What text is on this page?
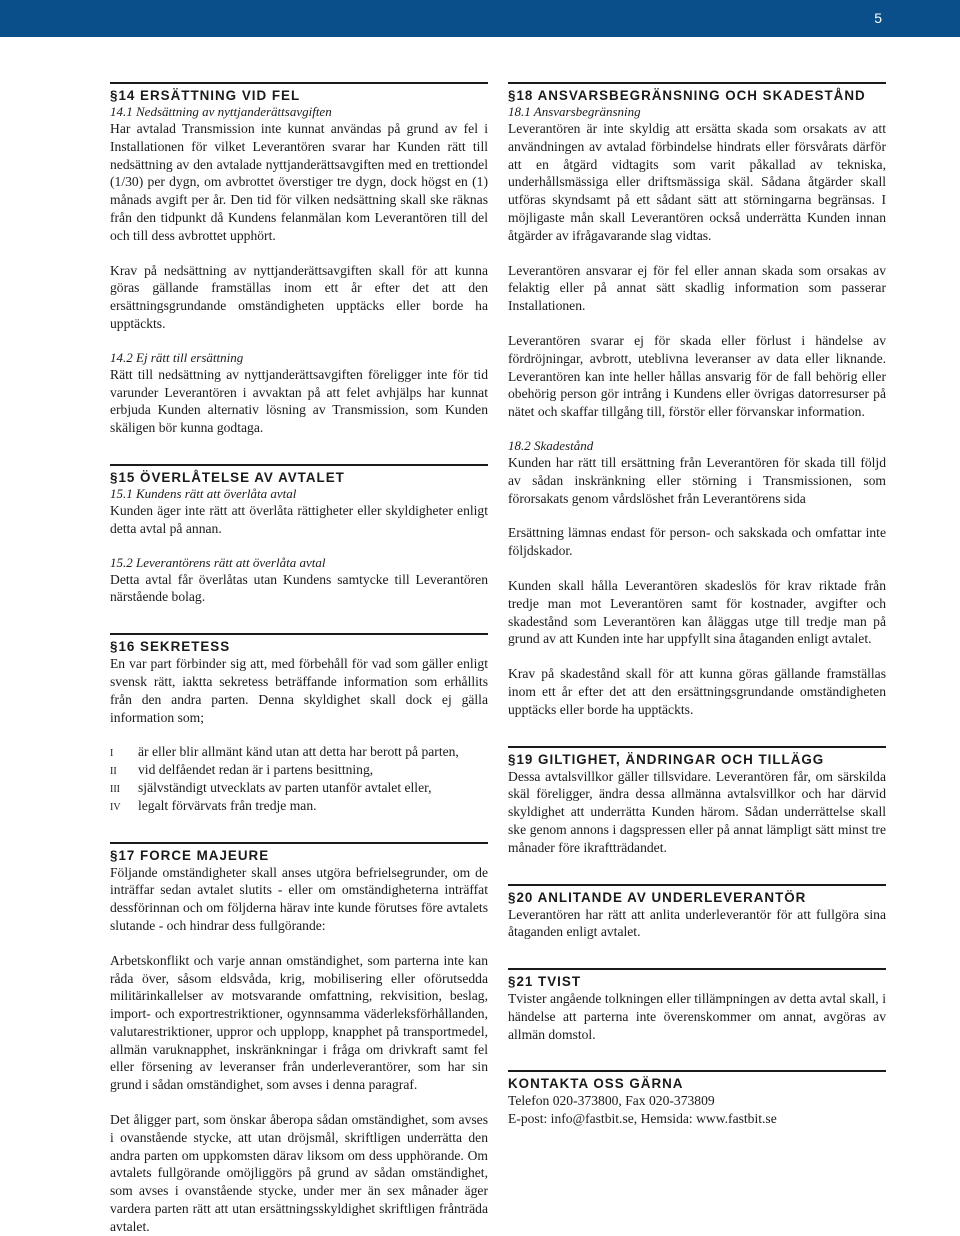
5
§14 ERSÄTTNING VID FEL
14.1 Nedsättning av nyttjanderättsavgiften

Har avtalad Transmission inte kunnat användas på grund av fel i Installationen för vilket Leverantören svarar har Kunden rätt till nedsättning av den avtalade nyttjanderättsavgiften med en trettiondel (1/30) per dygn, om avbrottet överstiger tre dygn, dock högst en (1) månads avgift per år. Den tid för vilken nedsättning skall ske räknas från den tidpunkt då Kundens felanmälan kom Leverantören till del och till dess avbrottet upphört.

Krav på nedsättning av nyttjanderättsavgiften skall för att kunna göras gällande framställas inom ett år efter det att den ersättningsgrundande omständigheten upptäcks eller borde ha upptäckts.

14.2 Ej rätt till ersättning

Rätt till nedsättning av nyttjanderättsavgiften föreligger inte för tid varunder Leverantören i avvaktan på att felet avhjälps har kunnat erbjuda Kunden alternativ lösning av Transmission, som Kunden skäligen bör kunna godtaga.

§15 ÖVERLÅTELSE AV AVTALET
15.1 Kundens rätt att överlåta avtal

Kunden äger inte rätt att överlåta rättigheter eller skyldigheter enligt detta avtal på annan.

15.2 Leverantörens rätt att överlåta avtal

Detta avtal får överlåtas utan Kundens samtycke till Leverantören närstående bolag.

§16 SEKRETESS

En var part förbinder sig att, med förbehåll för vad som gäller enligt svensk rätt, iaktta sekretess beträffande information som erhållits från den andra parten. Denna skyldighet skall dock ej gälla information som;

i	är eller blir allmänt känd utan att detta har berott på parten,
ii	vid delfåendet redan är i partens besittning,
iii	självständigt utvecklats av parten utanför avtalet eller,
iv	legalt förvärvats från tredje man.
§17 FORCE MAJEURE

Följande omständigheter skall anses utgöra befrielsegrunder, om de inträffar sedan avtalet slutits - eller om omständigheterna inträffat dessförinnan och om följderna härav inte kunde förutses före avtalets slutande - och hindrar dess fullgörande:

Arbetskonflikt och varje annan omständighet, som parterna inte kan råda över, såsom eldsvåda, krig, mobilisering eller oförutsedda militärinkallelser av motsvarande omfattning, rekvisition, beslag, import- och exportrestriktioner, ogynnsamma väderleksförhållanden, valutarestriktioner, uppror och upplopp, knapphet på transportmedel, allmän varuknapphet, inskränkningar i fråga om drivkraft samt fel eller försening av leveranser från underleverantörer, som har sin grund i sådan omständighet, som avses i denna paragraf.

Det åligger part, som önskar åberopa sådan omständighet, som avses i ovanstående stycke, att utan dröjsmål, skriftligen underrätta den andra parten om uppkomsten därav liksom om dess upphörande. Om avtalets fullgörande omöjliggörs på grund av sådan omständighet, som avses i ovanstående stycke, under mer än sex månader äger vardera parten rätt att utan ersättningsskyldighet skriftligen frånträda avtalet.

§18 ANSVARSBEGRÄNSNING OCH SKADESTÅND
18.1 Ansvarsbegränsning

Leverantören är inte skyldig att ersätta skada som orsakats av att användningen av avtalad förbindelse hindrats eller försvårats därför att en åtgärd vidtagits som varit påkallad av tekniska, underhållsmässiga eller driftsmässiga skäl. Sådana åtgärder skall utföras skyndsamt på ett sådant sätt att störningarna begränsas. I möjligaste mån skall Leverantören också underrätta Kunden innan åtgärder av ifrågavarande slag vidtas.

Leverantören ansvarar ej för fel eller annan skada som orsakas av felaktig eller på annat sätt skadlig information som passerar Installationen.

Leverantören svarar ej för skada eller förlust i händelse av fördröjningar, avbrott, uteblivna leveranser av data eller liknande. Leverantören kan inte heller hållas ansvarig för de fall behörig eller obehörig person gör intrång i Kundens eller övrigas datorresurser på nätet och skaffar tillgång till, förstör eller förvanskar information.

18.2 Skadestånd

Kunden har rätt till ersättning från Leverantören för skada till följd av sådan inskränkning eller störning i Transmissionen, som förorsakats genom vårdslöshet från Leverantörens sida

Ersättning lämnas endast för person- och sakskada och omfattar inte följdskador.

Kunden skall hålla Leverantören skadeslös för krav riktade från tredje man mot Leverantören samt för kostnader, avgifter och skadestånd som Leverantören kan åläggas utge till tredje man på grund av att Kunden inte har uppfyllt sina åtaganden enligt avtalet.

Krav på skadestånd skall för att kunna göras gällande framställas inom ett år efter det att den ersättningsgrundande omständigheten upptäcks eller borde ha upptäckts.

§19 GILTIGHET, ÄNDRINGAR OCH TILLÄGG

Dessa avtalsvillkor gäller tillsvidare. Leverantören får, om särskilda skäl föreligger, ändra dessa allmänna avtalsvillkor och har därvid skyldighet att underrätta Kunden härom. Sådan underrättelse skall ske genom annons i dagspressen eller på annat lämpligt sätt minst tre månader före ikraftträdandet.

§20 ANLITANDE AV UNDERLEVERANTÖR

Leverantören har rätt att anlita underleverantör för att fullgöra sina åtaganden enligt avtalet.

§21 TVIST

Tvister angående tolkningen eller tillämpningen av detta avtal skall, i händelse att parterna inte överenskommer om annat, avgöras av allmän domstol.

KONTAKTA OSS GÄRNA

Telefon 020-373800, Fax 020-373809

E-post: info@fastbit.se, Hemsida: www.fastbit.se
